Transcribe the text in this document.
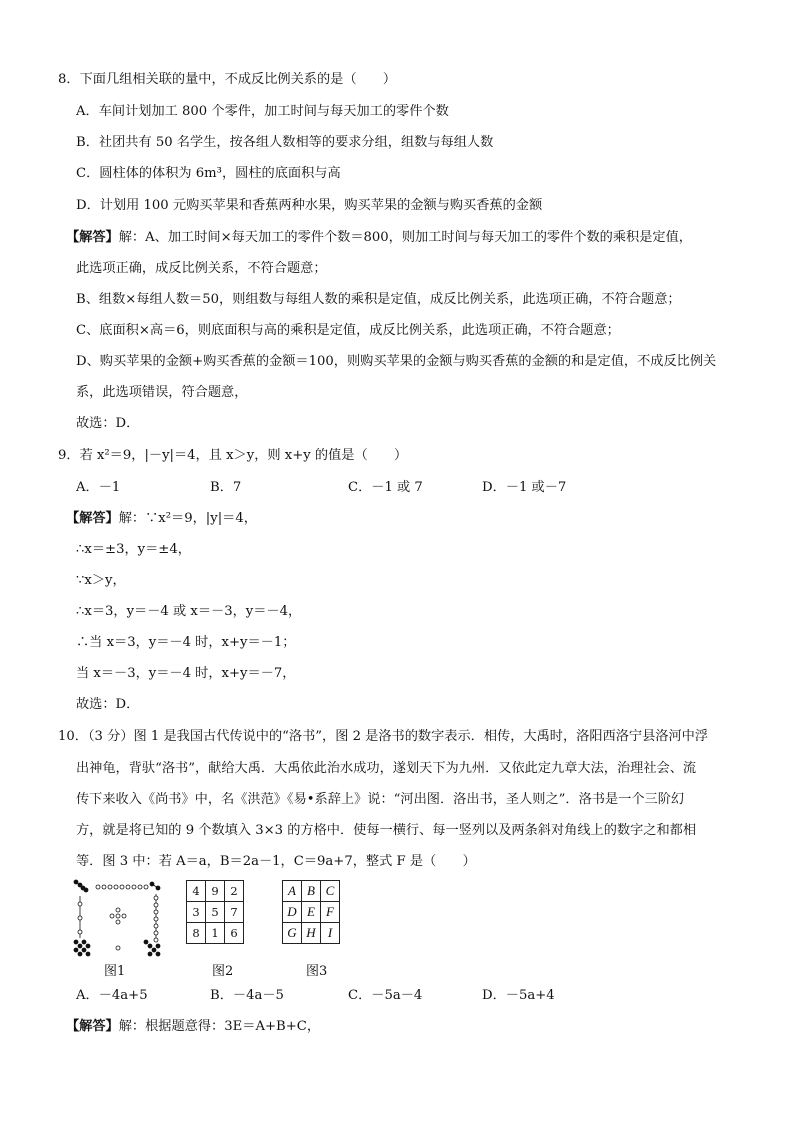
8．下面几组相关联的量中，不成反比例关系的是（　　）
A．车间计划加工 800 个零件，加工时间与每天加工的零件个数
B．社团共有 50 名学生，按各组人数相等的要求分组，组数与每组人数
C．圆柱体的体积为 6m³，圆柱的底面积与高
D．计划用 100 元购买苹果和香蕉两种水果，购买苹果的金额与购买香蕉的金额
【解答】解：A、加工时间×每天加工的零件个数＝800，则加工时间与每天加工的零件个数的乘积是定值，
此选项正确，成反比例关系，不符合题意；
B、组数×每组人数＝50，则组数与每组人数的乘积是定值，成反比例关系，此选项正确，不符合题意；
C、底面积×高＝6，则底面积与高的乘积是定值，成反比例关系，此选项正确，不符合题意；
D、购买苹果的金额+购买香蕉的金额＝100，则购买苹果的金额与购买香蕉的金额的和是定值，不成反比例关
系，此选项错误，符合题意，
故选：D．
9．若 x²＝9，|－y|＝4，且 x＞y，则 x+y 的值是（　　）
A．－1	B．7	C．－1 或 7	D．－1 或－7
【解答】解：∵x²＝9，|y|＝4，
∴x＝±3，y＝±4，
∵x＞y，
∴x＝3，y＝－4 或 x＝－3，y＝－4，
∴当 x＝3，y＝－4 时，x+y＝－1；
当 x＝－3，y＝－4 时，x+y＝－7，
故选：D．
10．（3 分）图 1 是我国古代传说中的“洛书”，图 2 是洛书的数字表示．相传，大禹时，洛阳西洛宁县洛河中浮
出神龟，背驮“洛书”，献给大禹．大禹依此治水成功，遂划天下为九州．又依此定九章大法，治理社会、流
传下来收入《尚书》中，名《洪范》《易•系辞上》说：“河出图．洛出书，圣人则之”．洛书是一个三阶幻
方，就是将已知的 9 个数填入 3×3 的方格中．使每一横行、每一竖列以及两条斜对角线上的数字之和都相
等．图 3 中：若 A＝a，B＝2a－1，C＝9a+7，整式 F 是（　　）
4	9	2
3	5	7
8	1	6
A	B	C
D	E	F
G	H	I
图1	图2	图3
A．－4a+5	B．－4a－5	C．－5a－4	D．－5a+4
【解答】解：根据题意得：3E＝A+B+C，
